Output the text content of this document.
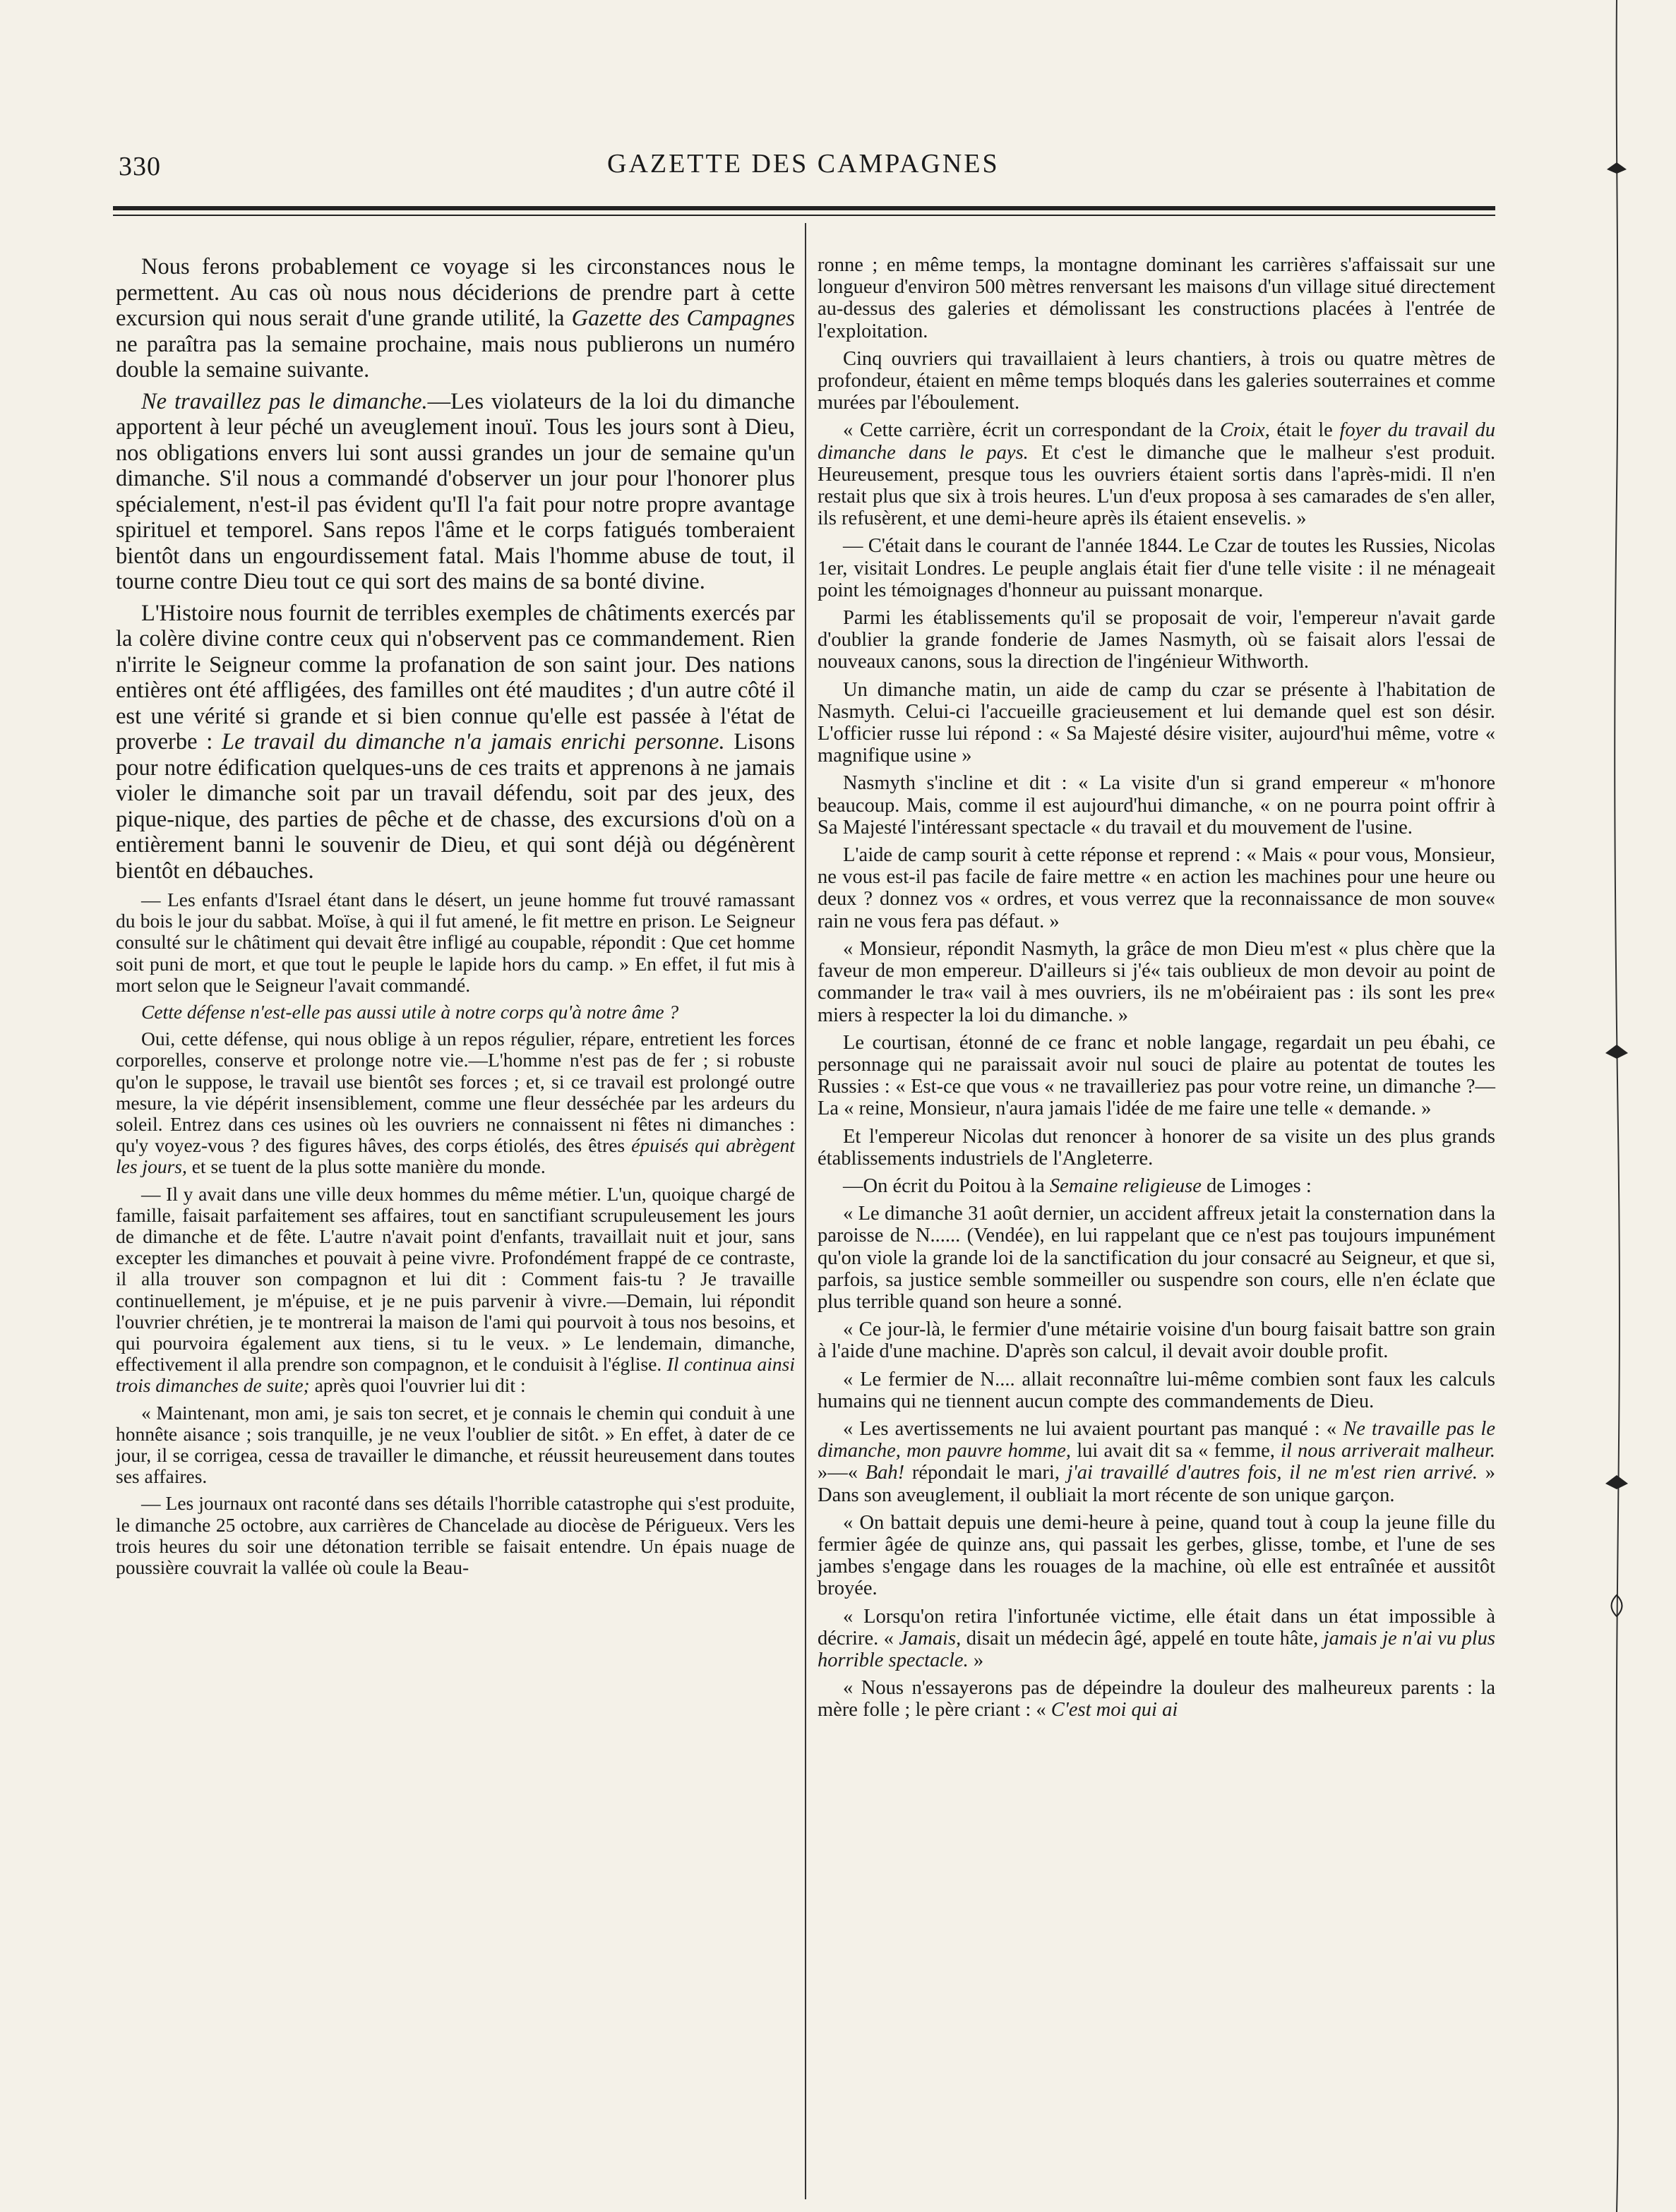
330	GAZETTE DES CAMPAGNES

Nous ferons probablement ce voyage si les circonstances nous le permettent. Au cas où nous nous déciderions de prendre part à cette excursion qui nous serait d'une grande utilité, la Gazette des Campagnes ne paraîtra pas la semaine prochaine, mais nous publierons un numéro double la semaine suivante.

Ne travaillez pas le dimanche.—Les violateurs de la loi du dimanche apportent à leur péché un aveuglement inouï. Tous les jours sont à Dieu, nos obligations envers lui sont aussi grandes un jour de semaine qu'un dimanche. S'il nous a commandé d'observer un jour pour l'honorer plus spécialement, n'est-il pas évident qu'Il l'a fait pour notre propre avantage spirituel et temporel. Sans repos l'âme et le corps fatigués tomberaient bientôt dans un engourdissement fatal. Mais l'homme abuse de tout, il tourne contre Dieu tout ce qui sort des mains de sa bonté divine.

L'Histoire nous fournit de terribles exemples de châtiments exercés par la colère divine contre ceux qui n'observent pas ce commandement. Rien n'irrite le Seigneur comme la profanation de son saint jour. Des nations entières ont été affligées, des familles ont été maudites ; d'un autre côté il est une vérité si grande et si bien connue qu'elle est passée à l'état de proverbe : Le travail du dimanche n'a jamais enrichi personne. Lisons pour notre édification quelques-uns de ces traits et apprenons à ne jamais violer le dimanche soit par un travail défendu, soit par des jeux, des pique-nique, des parties de pêche et de chasse, des excursions d'où on a entièrement banni le souvenir de Dieu, et qui sont déjà ou dégénèrent bientôt en débauches.

— Les enfants d'Israel étant dans le désert, un jeune homme fut trouvé ramassant du bois le jour du sabbat. Moïse, à qui il fut amené, le fit mettre en prison. Le Seigneur consulté sur le châtiment qui devait être infligé au coupable, répondit : Que cet homme soit puni de mort, et que tout le peuple le lapide hors du camp. » En effet, il fut mis à mort selon que le Seigneur l'avait commandé.

Cette défense n'est-elle pas aussi utile à notre corps qu'à notre âme ?

Oui, cette défense, qui nous oblige à un repos régulier, répare, entretient les forces corporelles, conserve et prolonge notre vie.—L'homme n'est pas de fer ; si robuste qu'on le suppose, le travail use bientôt ses forces ; et, si ce travail est prolongé outre mesure, la vie dépérit insensiblement, comme une fleur desséchée par les ardeurs du soleil. Entrez dans ces usines où les ouvriers ne connaissent ni fêtes ni dimanches : qu'y voyez-vous ? des figures hâves, des corps étiolés, des êtres épuisés qui abrègent les jours, et se tuent de la plus sotte manière du monde.

— Il y avait dans une ville deux hommes du même métier. L'un, quoique chargé de famille, faisait parfaitement ses affaires, tout en sanctifiant scrupuleusement les jours de dimanche et de fête. L'autre n'avait point d'enfants, travaillait nuit et jour, sans excepter les dimanches et pouvait à peine vivre. Profondément frappé de ce contraste, il alla trouver son compagnon et lui dit : Comment fais-tu ? Je travaille continuellement, je m'épuise, et je ne puis parvenir à vivre.—Demain, lui répondit l'ouvrier chrétien, je te montrerai la maison de l'ami qui pourvoit à tous nos besoins, et qui pourvoira également aux tiens, si tu le veux. » Le lendemain, dimanche, effectivement il alla prendre son compagnon, et le conduisit à l'église. Il continua ainsi trois dimanches de suite; après quoi l'ouvrier lui dit :

« Maintenant, mon ami, je sais ton secret, et je connais le chemin qui conduit à une honnête aisance ; sois tranquille, je ne veux l'oublier de sitôt. » En effet, à dater de ce jour, il se corrigea, cessa de travailler le dimanche, et réussit heureusement dans toutes ses affaires.

— Les journaux ont raconté dans ses détails l'horrible catastrophe qui s'est produite, le dimanche 25 octobre, aux carrières de Chancelade au diocèse de Périgueux. Vers les trois heures du soir une détonation terrible se faisait entendre. Un épais nuage de poussière couvrait la vallée où coule la Beau-

ronne ; en même temps, la montagne dominant les carrières s'affaissait sur une longueur d'environ 500 mètres renversant les maisons d'un village situé directement au-dessus des galeries et démolissant les constructions placées à l'entrée de l'exploitation.

Cinq ouvriers qui travaillaient à leurs chantiers, à trois ou quatre mètres de profondeur, étaient en même temps bloqués dans les galeries souterraines et comme murées par l'éboulement.

« Cette carrière, écrit un correspondant de la Croix, était le foyer du travail du dimanche dans le pays. Et c'est le dimanche que le malheur s'est produit. Heureusement, presque tous les ouvriers étaient sortis dans l'après-midi. Il n'en restait plus que six à trois heures. L'un d'eux proposa à ses camarades de s'en aller, ils refusèrent, et une demi-heure après ils étaient ensevelis. »

— C'était dans le courant de l'année 1844. Le Czar de toutes les Russies, Nicolas 1er, visitait Londres. Le peuple anglais était fier d'une telle visite : il ne ménageait point les témoignages d'honneur au puissant monarque.

Parmi les établissements qu'il se proposait de voir, l'empereur n'avait garde d'oublier la grande fonderie de James Nasmyth, où se faisait alors l'essai de nouveaux canons, sous la direction de l'ingénieur Withworth.

Un dimanche matin, un aide de camp du czar se présente à l'habitation de Nasmyth. Celui-ci l'accueille gracieusement et lui demande quel est son désir. L'officier russe lui répond : « Sa Majesté désire visiter, aujourd'hui même, votre « magnifique usine »

Nasmyth s'incline et dit : « La visite d'un si grand empereur « m'honore beaucoup. Mais, comme il est aujourd'hui dimanche, « on ne pourra point offrir à Sa Majesté l'intéressant spectacle « du travail et du mouvement de l'usine.

L'aide de camp sourit à cette réponse et reprend : « Mais « pour vous, Monsieur, ne vous est-il pas facile de faire mettre « en action les machines pour une heure ou deux ? donnez vos « ordres, et vous verrez que la reconnaissance de mon souve« rain ne vous fera pas défaut. »

« Monsieur, répondit Nasmyth, la grâce de mon Dieu m'est « plus chère que la faveur de mon empereur. D'ailleurs si j'é« tais oublieux de mon devoir au point de commander le tra« vail à mes ouvriers, ils ne m'obéiraient pas : ils sont les pre« miers à respecter la loi du dimanche. »

Le courtisan, étonné de ce franc et noble langage, regardait un peu ébahi, ce personnage qui ne paraissait avoir nul souci de plaire au potentat de toutes les Russies : « Est-ce que vous « ne travailleriez pas pour votre reine, un dimanche ?—La « reine, Monsieur, n'aura jamais l'idée de me faire une telle « demande. »

Et l'empereur Nicolas dut renoncer à honorer de sa visite un des plus grands établissements industriels de l'Angleterre.

—On écrit du Poitou à la Semaine religieuse de Limoges :

« Le dimanche 31 août dernier, un accident affreux jetait la consternation dans la paroisse de N...... (Vendée), en lui rappelant que ce n'est pas toujours impunément qu'on viole la grande loi de la sanctification du jour consacré au Seigneur, et que si, parfois, sa justice semble sommeiller ou suspendre son cours, elle n'en éclate que plus terrible quand son heure a sonné.

« Ce jour-là, le fermier d'une métairie voisine d'un bourg faisait battre son grain à l'aide d'une machine. D'après son calcul, il devait avoir double profit.

« Le fermier de N.... allait reconnaître lui-même combien sont faux les calculs humains qui ne tiennent aucun compte des commandements de Dieu.

« Les avertissements ne lui avaient pourtant pas manqué : « Ne travaille pas le dimanche, mon pauvre homme, lui avait dit sa « femme, il nous arriverait malheur. »—« Bah! répondait le mari, j'ai travaillé d'autres fois, il ne m'est rien arrivé. » Dans son aveuglement, il oubliait la mort récente de son unique garçon.

« On battait depuis une demi-heure à peine, quand tout à coup la jeune fille du fermier âgée de quinze ans, qui passait les gerbes, glisse, tombe, et l'une de ses jambes s'engage dans les rouages de la machine, où elle est entraînée et aussitôt broyée.

« Lorsqu'on retira l'infortunée victime, elle était dans un état impossible à décrire. « Jamais, disait un médecin âgé, appelé en toute hâte, jamais je n'ai vu plus horrible spectacle. »

« Nous n'essayerons pas de dépeindre la douleur des malheureux parents : la mère folle ; le père criant : « C'est moi qui ai
